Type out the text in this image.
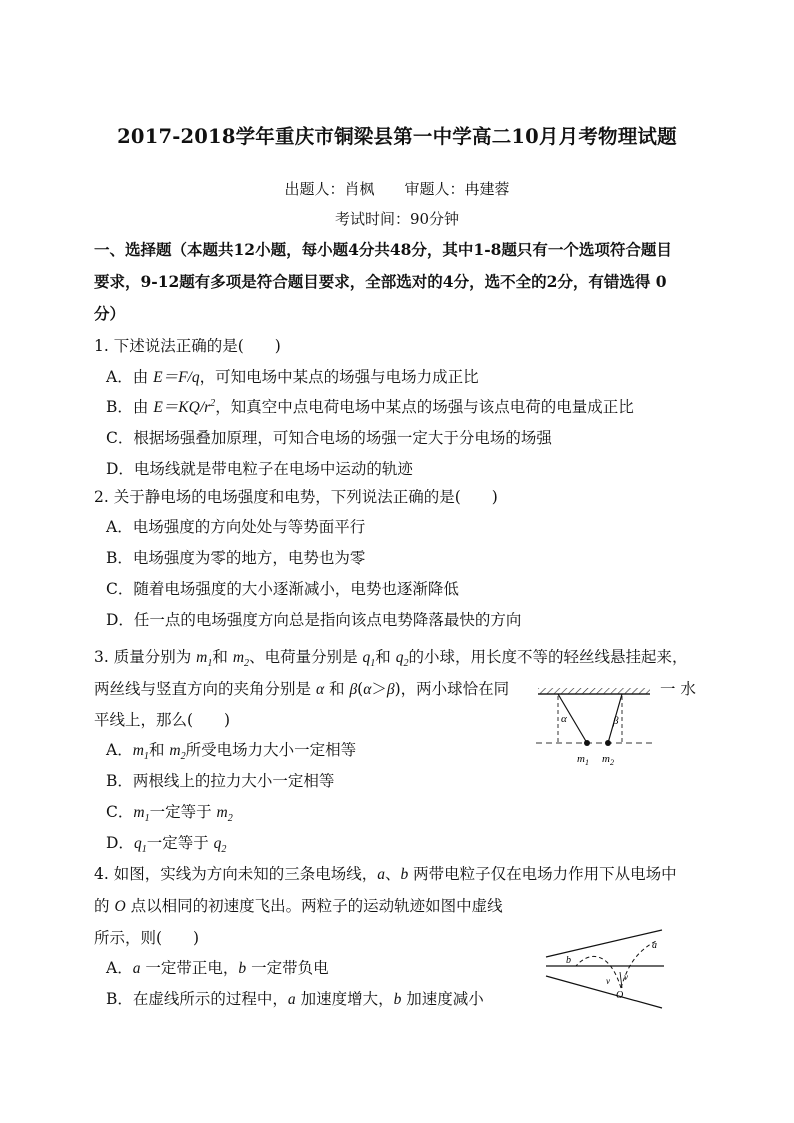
2017-2018学年重庆市铜梁县第一中学高二10月月考物理试题
出题人：肖枫　　审题人：冉建蓉
考试时间：90分钟
一、选择题（本题共12小题，每小题4分共48分，其中1-8题只有一个选项符合题目
要求，9-12题有多项是符合题目要求，全部选对的4分，选不全的2分，有错选得 0
分）
1. 下述说法正确的是(　　)
A．由 E＝F/q，可知电场中某点的场强与电场力成正比
B．由 $E=KQ/r^2$，知真空中点电荷电场中某点的场强与该点电荷的电量成正比
C．根据场强叠加原理，可知合电场的场强一定大于分电场的场强
D．电场线就是带电粒子在电场中运动的轨迹
2. 关于静电场的电场强度和电势，下列说法正确的是(　　)
A．电场强度的方向处处与等势面平行
B．电场强度为零的地方，电势也为零
C．随着电场强度的大小逐渐减小，电势也逐渐降低
D．任一点的电场强度方向总是指向该点电势降落最快的方向
3. 质量分别为 $m_1$和 $m_2$、电荷量分别是 $q_1$和 $q_2$的小球，用长度不等的轻丝线悬挂起来，
两丝线与竖直方向的夹角分别是 α 和 β(α＞β)，两小球恰在同	一 水
平线上，那么(　　)
A．$m_1$和 $m_2$所受电场力大小一定相等
B．两根线上的拉力大小一定相等
C．$m_1$一定等于 $m_2$
D．$q_1$一定等于 $q_2$
α	β
$m_1$ $m_2$
4. 如图，实线为方向未知的三条电场线，a、b 两带电粒子仅在电场力作用下从电场中
的 O 点以相同的初速度飞出。两粒子的运动轨迹如图中虚线
所示，则(　　)
A．a 一定带正电，b 一定带负电
B．在虚线所示的过程中，a 加速度增大，b 加速度减小
a
b
v v
O
